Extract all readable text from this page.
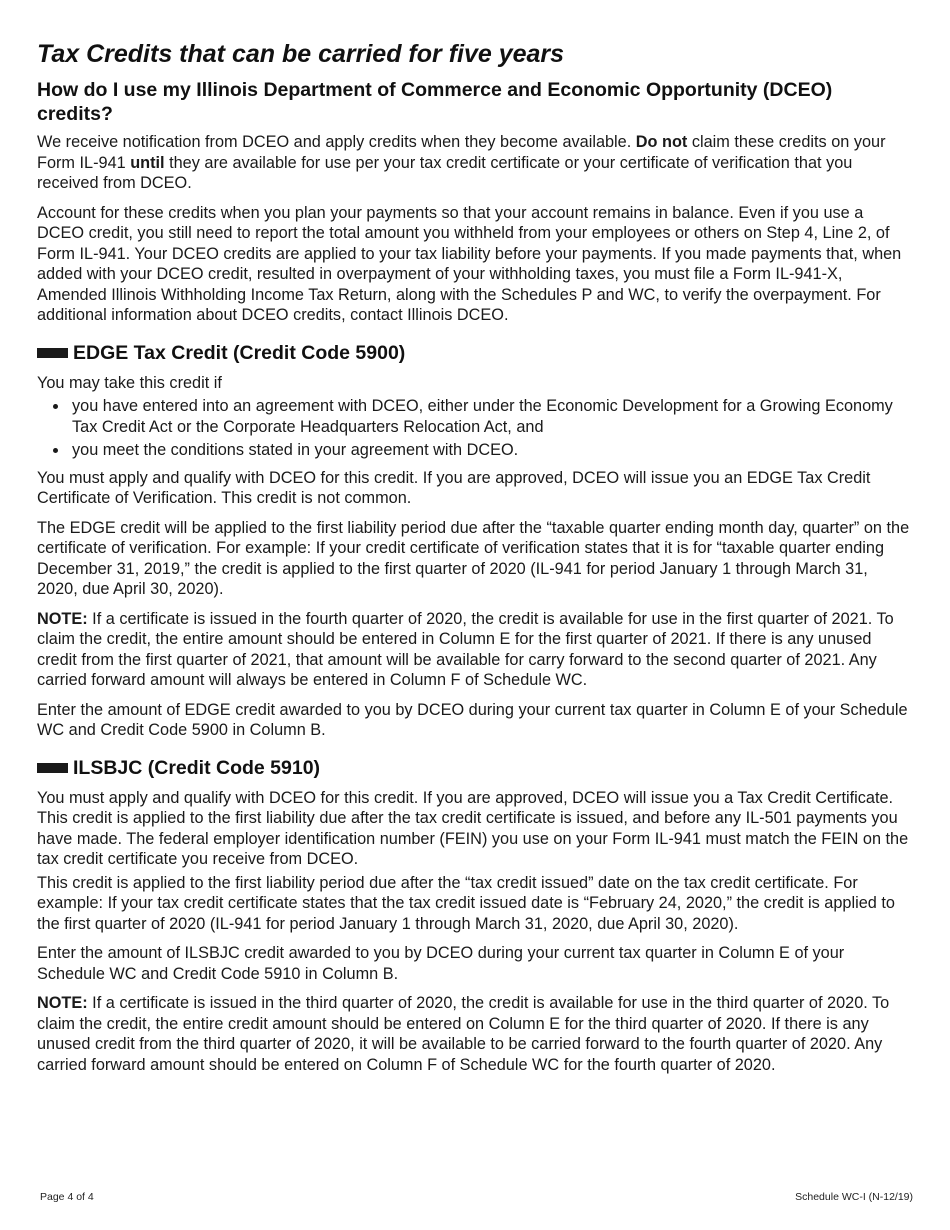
Tax Credits that can be carried for five years
How do I use my Illinois Department of Commerce and Economic Opportunity (DCEO) credits?

We receive notification from DCEO and apply credits when they become available. Do not claim these credits on your Form IL-941 until they are available for use per your tax credit certificate or your certificate of verification that you received from DCEO.

Account for these credits when you plan your payments so that your account remains in balance. Even if you use a DCEO credit, you still need to report the total amount you withheld from your employees or others on Step 4, Line 2, of Form IL-941. Your DCEO credits are applied to your tax liability before your payments. If you made payments that, when added with your DCEO credit, resulted in overpayment of your withholding taxes, you must file a Form IL-941-X, Amended Illinois Withholding Income Tax Return, along with the Schedules P and WC, to verify the overpayment. For additional information about DCEO credits, contact Illinois DCEO.

EDGE Tax Credit (Credit Code 5900)

You may take this credit if

• you have entered into an agreement with DCEO, either under the Economic Development for a Growing Economy Tax Credit Act or the Corporate Headquarters Relocation Act, and
• you meet the conditions stated in your agreement with DCEO.

You must apply and qualify with DCEO for this credit. If you are approved, DCEO will issue you an EDGE Tax Credit Certificate of Verification. This credit is not common.

The EDGE credit will be applied to the first liability period due after the “taxable quarter ending month day, quarter” on the certificate of verification. For example: If your credit certificate of verification states that it is for “taxable quarter ending December 31, 2019,” the credit is applied to the first quarter of 2020 (IL-941 for period January 1 through March 31, 2020, due April 30, 2020).

NOTE: If a certificate is issued in the fourth quarter of 2020, the credit is available for use in the first quarter of 2021. To claim the credit, the entire amount should be entered in Column E for the first quarter of 2021. If there is any unused credit from the first quarter of 2021, that amount will be available for carry forward to the second quarter of 2021. Any carried forward amount will always be entered in Column F of Schedule WC.

Enter the amount of EDGE credit awarded to you by DCEO during your current tax quarter in Column E of your Schedule WC and Credit Code 5900 in Column B.

ILSBJC (Credit Code 5910)

You must apply and qualify with DCEO for this credit. If you are approved, DCEO will issue you a Tax Credit Certificate. This credit is applied to the first liability due after the tax credit certificate is issued, and before any IL-501 payments you have made. The federal employer identification number (FEIN) you use on your Form IL-941 must match the FEIN on the tax credit certificate you receive from DCEO.

This credit is applied to the first liability period due after the “tax credit issued” date on the tax credit certificate. For example: If your tax credit certificate states that the tax credit issued date is “February 24, 2020,” the credit is applied to the first quarter of 2020 (IL-941 for period January 1 through March 31, 2020, due April 30, 2020).

Enter the amount of ILSBJC credit awarded to you by DCEO during your current tax quarter in Column E of your Schedule WC and Credit Code 5910 in Column B.

NOTE: If a certificate is issued in the third quarter of 2020, the credit is available for use in the third quarter of 2020. To claim the credit, the entire credit amount should be entered on Column E for the third quarter of 2020. If there is any unused credit from the third quarter of 2020, it will be available to be carried forward to the fourth quarter of 2020. Any carried forward amount should be entered on Column F of Schedule WC for the fourth quarter of 2020.

Page 4 of 4	Schedule WC-I (N-12/19)
